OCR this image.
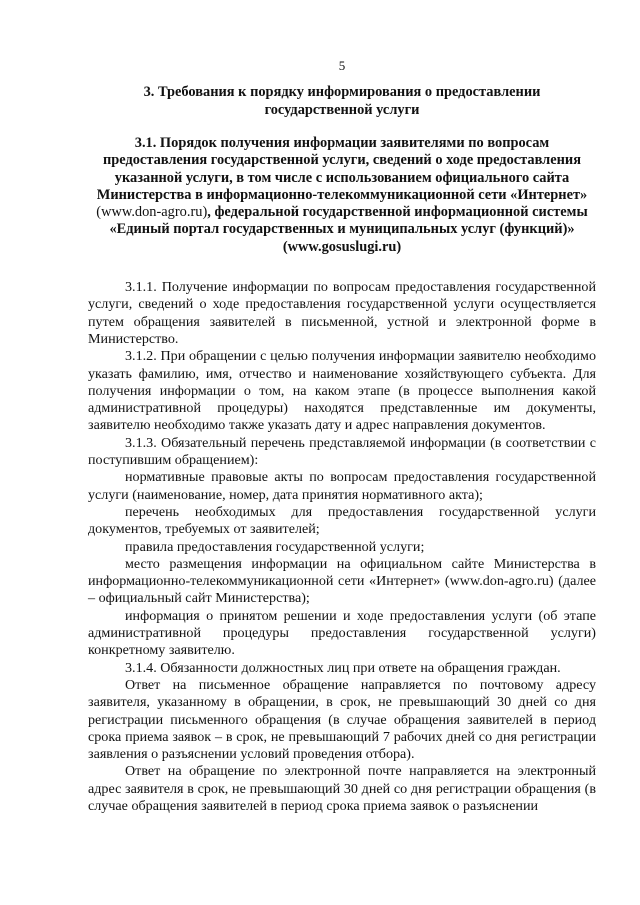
5
3. Требования к порядку информирования о предоставлении
государственной услуги
3.1. Порядок получения информации заявителями по вопросам
предоставления государственной услуги, сведений о ходе предоставления
указанной услуги, в том числе с использованием официального сайта
Министерства в информационно-телекоммуникационной сети «Интернет»
(www.don-agro.ru), федеральной государственной информационной системы
«Единый портал государственных и муниципальных услуг (функций)»
(www.gosuslugi.ru)

3.1.1. Получение информации по вопросам предоставления государственной услуги, сведений о ходе предоставления государственной услуги осуществляется путем обращения заявителей в письменной, устной и электронной форме в Министерство.

3.1.2. При обращении с целью получения информации заявителю необходимо указать фамилию, имя, отчество и наименование хозяйствующего субъекта. Для получения информации о том, на каком этапе (в процессе выполнения какой административной процедуры) находятся представленные им документы, заявителю необходимо также указать дату и адрес направления документов.

3.1.3. Обязательный перечень представляемой информации (в соответствии с поступившим обращением):

нормативные правовые акты по вопросам предоставления государственной услуги (наименование, номер, дата принятия нормативного акта);

перечень необходимых для предоставления государственной услуги документов, требуемых от заявителей;

правила предоставления государственной услуги;

место размещения информации на официальном сайте Министерства в информационно-телекоммуникационной сети «Интернет» (www.don-agro.ru) (далее – официальный сайт Министерства);

информация о принятом решении и ходе предоставления услуги (об этапе административной процедуры предоставления государственной услуги) конкретному заявителю.

3.1.4. Обязанности должностных лиц при ответе на обращения граждан.

Ответ на письменное обращение направляется по почтовому адресу заявителя, указанному в обращении, в срок, не превышающий 30 дней со дня регистрации письменного обращения (в случае обращения заявителей в период срока приема заявок – в срок, не превышающий 7 рабочих дней со дня регистрации заявления о разъяснении условий проведения отбора).

Ответ на обращение по электронной почте направляется на электронный адрес заявителя в срок, не превышающий 30 дней со дня регистрации обращения (в случае обращения заявителей в период срока приема заявок о разъяснении
